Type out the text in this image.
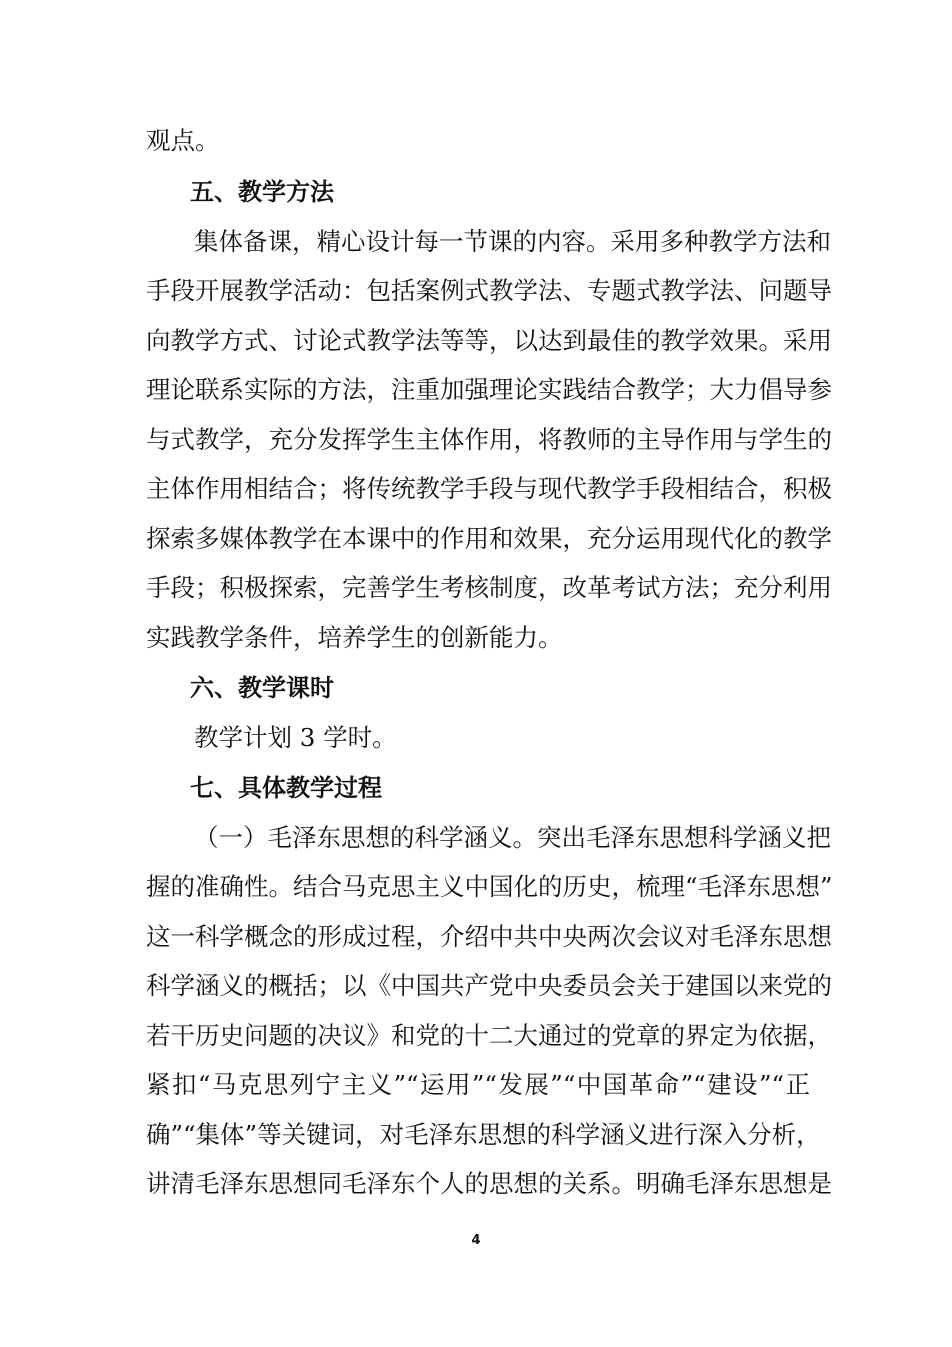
观点。
五、教学方法
集体备课，精心设计每一节课的内容。采用多种教学方法和
手段开展教学活动：包括案例式教学法、专题式教学法、问题导
向教学方式、讨论式教学法等等，以达到最佳的教学效果。采用
理论联系实际的方法，注重加强理论实践结合教学；大力倡导参
与式教学，充分发挥学生主体作用，将教师的主导作用与学生的
主体作用相结合；将传统教学手段与现代教学手段相结合，积极
探索多媒体教学在本课中的作用和效果，充分运用现代化的教学
手段；积极探索，完善学生考核制度，改革考试方法；充分利用
实践教学条件，培养学生的创新能力。
六、教学课时
教学计划 3 学时。
七、具体教学过程
（一）毛泽东思想的科学涵义。突出毛泽东思想科学涵义把
握的准确性。结合马克思主义中国化的历史，梳理“毛泽东思想”
这一科学概念的形成过程，介绍中共中央两次会议对毛泽东思想
科学涵义的概括；以《中国共产党中央委员会关于建国以来党的
若干历史问题的决议》和党的十二大通过的党章的界定为依据，
紧扣“马克思列宁主义”“运用”“发展”“中国革命”“建设”“正
确”“集体”等关键词，对毛泽东思想的科学涵义进行深入分析，
讲清毛泽东思想同毛泽东个人的思想的关系。明确毛泽东思想是
4
